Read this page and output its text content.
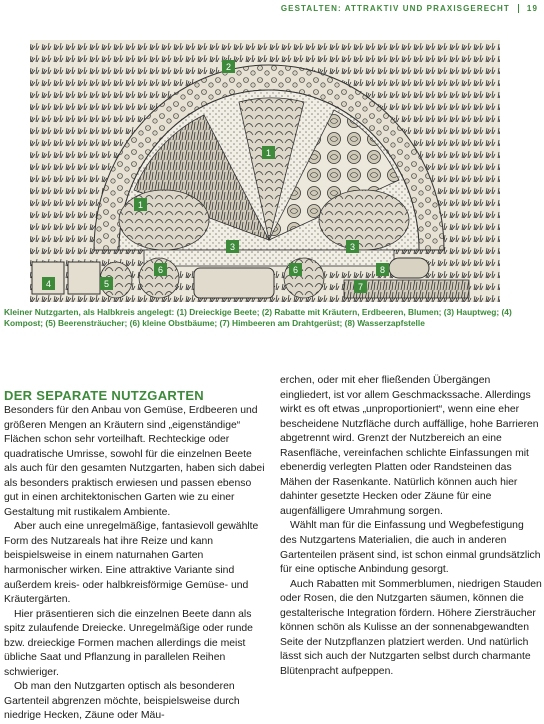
GESTALTEN: ATTRAKTIV UND PRAXISGERECHT 19
1
1
2
3	3
4	5
6	6
7
8
Kleiner Nutzgarten, als Halbkreis angelegt: (1) Dreieckige Beete; (2) Rabatte mit Kräutern, Erdbeeren, Blumen; (3) Hauptweg; (4) Kompost; (5) Beerensträucher; (6) kleine Obstbäume; (7) Himbeeren am Drahtgerüst; (8) Wasserzapfstelle
DER SEPARATE NUTZGARTEN

Besonders für den Anbau von Gemüse, Erdbeeren und größeren Mengen an Kräutern sind „eigenständige“ Flächen schon sehr vorteilhaft. Rechteckige oder quadratische Umrisse, sowohl für die einzelnen Beete als auch für den gesamten Nutzgarten, haben sich dabei als besonders praktisch erwiesen und passen ebenso gut in einen architektonischen Garten wie zu einer Gestaltung mit rustikalem Ambiente.

Aber auch eine unregelmäßige, fantasievoll gewählte Form des Nutzareals hat ihre Reize und kann beispielsweise in einem naturnahen Garten harmonischer wirken. Eine attraktive Variante sind außerdem kreis- oder halbkreisförmige Gemüse- und Kräutergärten.

Hier präsentieren sich die einzelnen Beete dann als spitz zulaufende Dreiecke. Unregelmäßige oder runde bzw. dreieckige Formen machen allerdings die meist übliche Saat und Pflanzung in parallelen Reihen schwieriger.

Ob man den Nutzgarten optisch als besonderen Gartenteil abgrenzen möchte, beispielsweise durch niedrige Hecken, Zäune oder Mäu-

erchen, oder mit eher fließenden Übergängen eingliedert, ist vor allem Geschmackssache. Allerdings wirkt es oft etwas „unproportioniert“, wenn eine eher bescheidene Nutzfläche durch auffällige, hohe Barrieren abgetrennt wird. Grenzt der Nutzbereich an eine Rasenfläche, vereinfachen schlichte Einfassungen mit ebenerdig verlegten Platten oder Randsteinen das Mähen der Rasenkante. Natürlich können auch hier dahinter gesetzte Hecken oder Zäune für eine augenfälligere Umrahmung sorgen.

Wählt man für die Einfassung und Wegbefestigung des Nutzgartens Materialien, die auch in anderen Gartenteilen präsent sind, ist schon einmal grundsätzlich für eine optische Anbindung gesorgt.

Auch Rabatten mit Sommerblumen, niedrigen Stauden oder Rosen, die den Nutzgarten säumen, können die gestalterische Integration fördern. Höhere Ziersträucher können schön als Kulisse an der sonnenabgewandten Seite der Nutzpflanzen platziert werden. Und natürlich lässt sich auch der Nutzgarten selbst durch charmante Blütenpracht aufpeppen.
